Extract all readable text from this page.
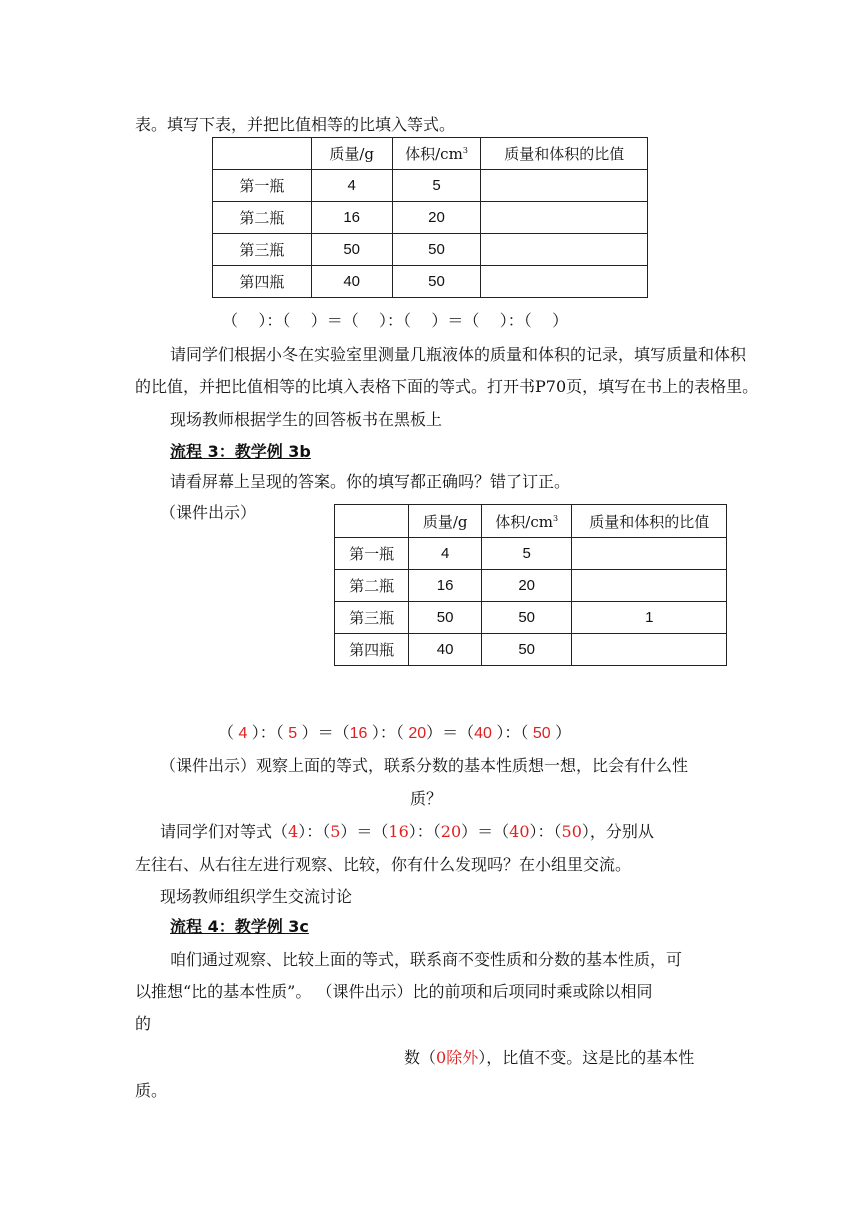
表。填写下表，并把比值相等的比填入等式。
	质量/g	体积$/cm^3$	质量和体积的比值
第一瓶	4	5	
第二瓶	16	20	
第三瓶	50	50	
第四瓶	40	50	
（    ）：（    ）＝（    ）：（    ）＝（    ）：（    ）
请同学们根据小冬在实验室里测量几瓶液体的质量和体积的记录，填写质量和体积
的比值，并把比值相等的比填入表格下面的等式。打开书P70页，填写在书上的表格里。
现场教师根据学生的回答板书在黑板上
流程 3：教学例 3b
请看屏幕上呈现的答案。你的填写都正确吗？错了订正。
（课件出示）
		质量/g	体积$/cm^3$	质量和体积的比值
第一瓶	4	5	
第二瓶	16	20	
第三瓶	50	50	1
第四瓶	40	50	
（ 4 ）：（ 5 ）＝（16 ）：（ 20）＝（40 ）：（ 50 ）
（课件出示）观察上面的等式，联系分数的基本性质想一想，比会有什么性
质？
请同学们对等式（4）：（5）＝（16）：（20）＝（40）：（50），分别从
左往右、从右往左进行观察、比较，你有什么发现吗？在小组里交流。
现场教师组织学生交流讨论
流程 4：教学例 3c
咱们通过观察、比较上面的等式，联系商不变性质和分数的基本性质，可
以推想“比的基本性质”。 （课件出示）比的前项和后项同时乘或除以相同
的
数（0除外），比值不变。这是比的基本性
质。
